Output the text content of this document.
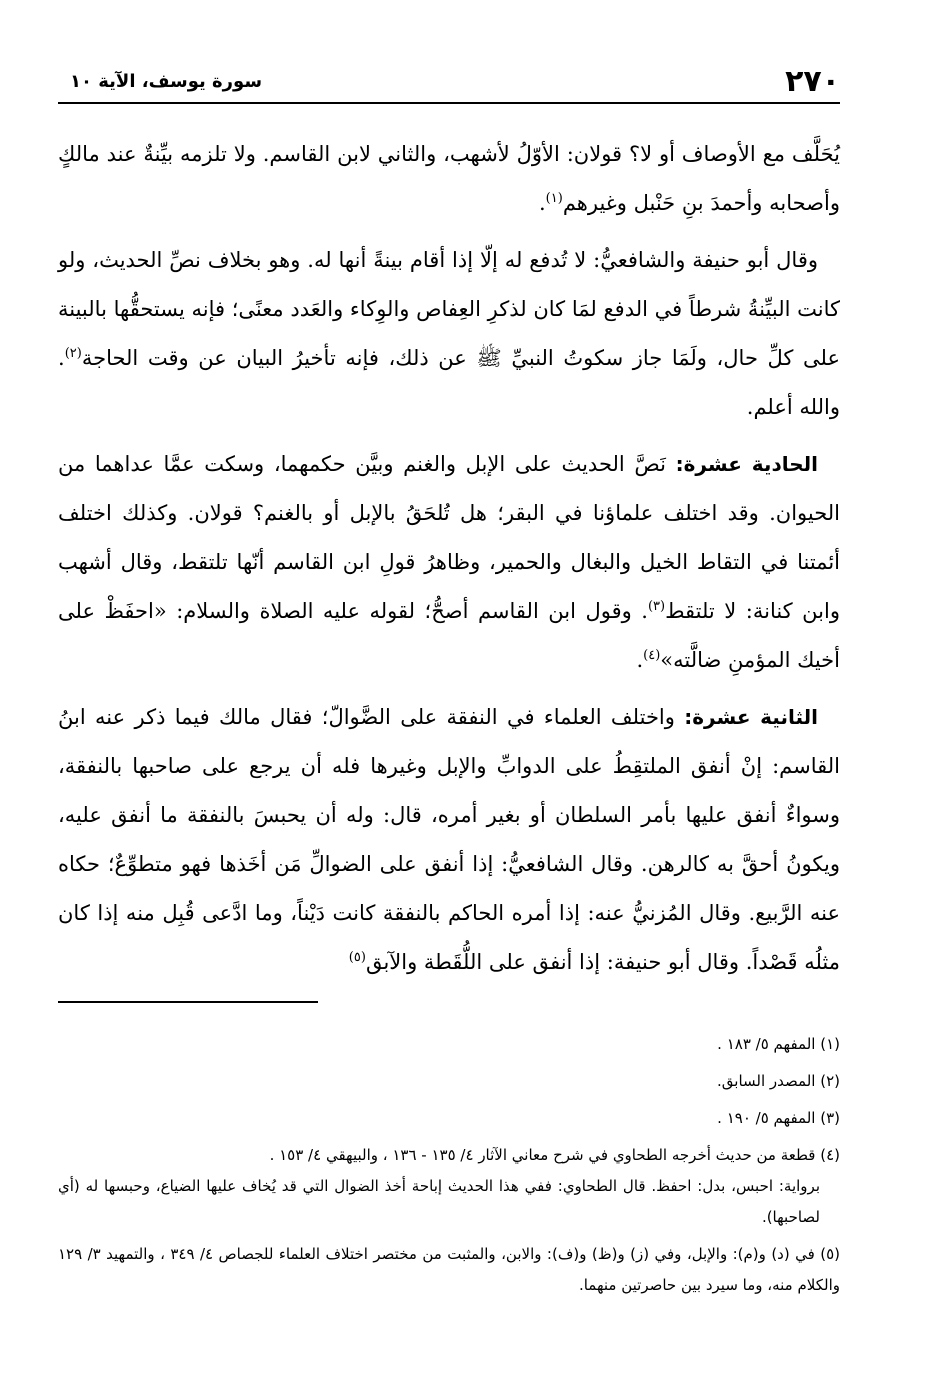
٢٧٠
سورة يوسف، الآية ١٠

يُحَلَّف مع الأوصاف أو لا؟ قولان: الأوّلُ لأشهب، والثاني لابن القاسم. ولا تلزمه بيِّنةٌ عند مالكٍ وأصحابه وأحمدَ بنِ حَنْبل وغيرهم$^{(١)}$.

وقال أبو حنيفة والشافعيُّ: لا تُدفع له إلّا إذا أقام بينةً أنها له. وهو بخلاف نصِّ الحديث، ولو كانت البيِّنةُ شرطاً في الدفع لمَا كان لذكرِ العِفاص والوِكاء والعَدد معنًى؛ فإنه يستحقُّها بالبينة على كلِّ حال، ولَمَا جاز سكوتُ النبيِّ ﷺ عن ذلك، فإنه تأخيرُ البيان عن وقت الحاجة$^{(٢)}$. والله أعلم.

الحادية عشرة: نَصَّ الحديث على الإبل والغنم وبيَّن حكمهما، وسكت عمَّا عداهما من الحيوان. وقد اختلف علماؤنا في البقر؛ هل تُلحَقُ بالإبل أو بالغنم؟ قولان. وكذلك اختلف أئمتنا في التقاط الخيل والبغال والحمير، وظاهرُ قولِ ابن القاسم أنّها تلتقط، وقال أشهب وابن كنانة: لا تلتقط$^{(٣)}$. وقول ابن القاسم أصحُّ؛ لقوله عليه الصلاة والسلام: «احفَظْ على أخيك المؤمنِ ضالَّته»$^{(٤)}$.

الثانية عشرة: واختلف العلماء في النفقة على الضَّوالّ؛ فقال مالك فيما ذكر عنه ابنُ القاسم: إنْ أنفق الملتقِطُ على الدوابِّ والإبل وغيرها فله أن يرجع على صاحبها بالنفقة، وسواءٌ أنفق عليها بأمر السلطان أو بغير أمره، قال: وله أن يحبسَ بالنفقة ما أنفق عليه، ويكونُ أحقَّ به كالرهن. وقال الشافعيُّ: إذا أنفق على الضوالِّ مَن أخَذها فهو متطوِّعٌ؛ حكاه عنه الرَّبيع. وقال المُزنيُّ عنه: إذا أمره الحاكم بالنفقة كانت دَيْناً، وما ادَّعى قُبِل منه إذا كان مثلُه قَصْداً. وقال أبو حنيفة: إذا أنفق على اللُّقَطة والآبق$^{(٥)}$

(١) المفهم ٥/ ١٨٣ .

(٢) المصدر السابق.

(٣) المفهم ٥/ ١٩٠ .

(٤) قطعة من حديث أخرجه الطحاوي في شرح معاني الآثار ٤/ ١٣٥ - ١٣٦ ، والبيهقي ٤/ ١٥٣ .

برواية: احبس، بدل: احفظ. قال الطحاوي: ففي هذا الحديث إباحة أخذ الضوال التي قد يُخاف عليها الضياع، وحبسها له (أي لصاحبها).

(٥) في (د) و(م): والإبل، وفي (ز) و(ظ) و(ف): والابن، والمثبت من مختصر اختلاف العلماء للجصاص ٤/ ٣٤٩ ، والتمهيد ٣/ ١٢٩ والكلام منه، وما سيرد بين حاصرتين منهما.
